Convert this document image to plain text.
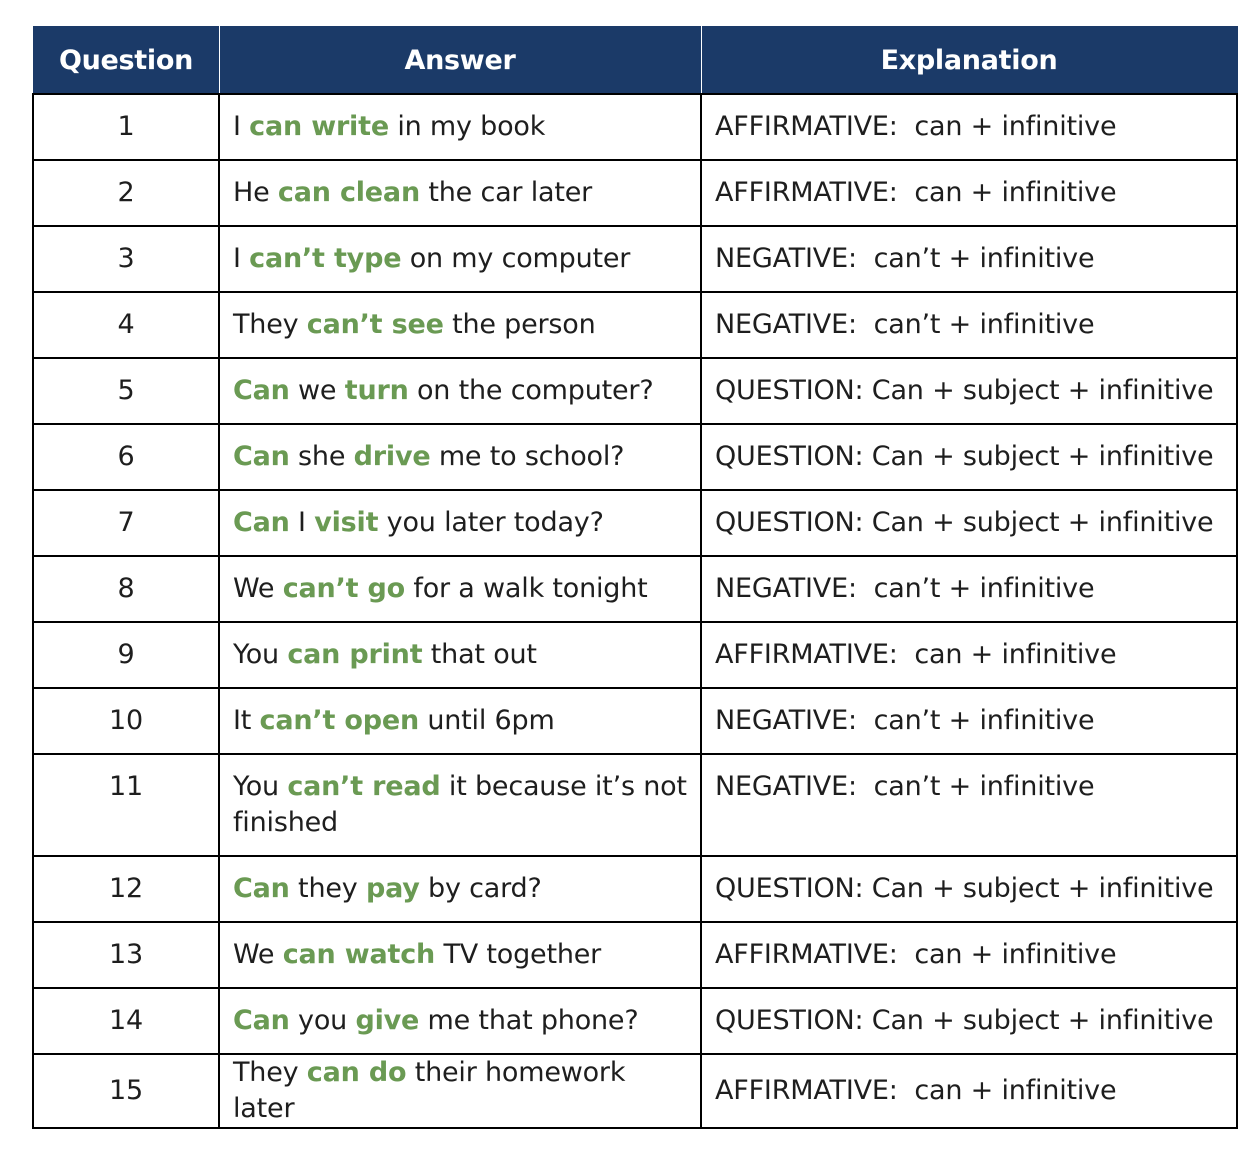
Question	Answer	Explanation
1	I can write in my book	AFFIRMATIVE:  can + infinitive
2	He can clean the car later	AFFIRMATIVE:  can + infinitive
3	I can’t type on my computer	NEGATIVE:  can’t + infinitive
4	They can’t see the person	NEGATIVE:  can’t + infinitive
5	Can we turn on the computer?	QUESTION: Can + subject + infinitive
6	Can she drive me to school?	QUESTION: Can + subject + infinitive
7	Can I visit you later today?	QUESTION: Can + subject + infinitive
8	We can’t go for a walk tonight	NEGATIVE:  can’t + infinitive
9	You can print that out	AFFIRMATIVE:  can + infinitive
10	It can’t open until 6pm	NEGATIVE:  can’t + infinitive
11	You can’t read it because it’s not finished	NEGATIVE:  can’t + infinitive
12	Can they pay by card?	QUESTION: Can + subject + infinitive
13	We can watch TV together	AFFIRMATIVE:  can + infinitive
14	Can you give me that phone?	QUESTION: Can + subject + infinitive
15	They can do their homework later	AFFIRMATIVE:  can + infinitive
